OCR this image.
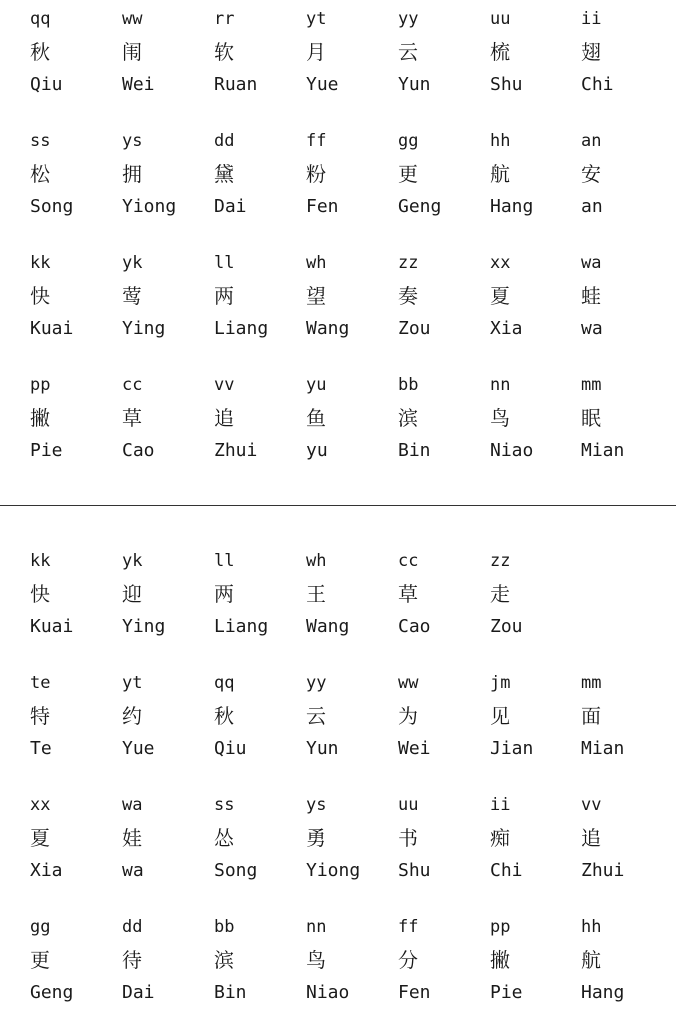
qq
秋
Qiu
ww
闱
Wei
rr
软
Ruan
yt
月
Yue
yy
云
Yun
uu
梳
Shu
ii
翅
Chi
ss
松
Song
ys
拥
Yiong
dd
黛
Dai
ff
粉
Fen
gg
更
Geng
hh
航
Hang
an
安
an
kk
快
Kuai
yk
莺
Ying
ll
两
Liang
wh
望
Wang
zz
奏
Zou
xx
夏
Xia
wa
蛙
wa
pp
撇
Pie
cc
草
Cao
vv
追
Zhui
yu
鱼
yu
bb
滨
Bin
nn
鸟
Niao
mm
眠
Mian
kk
快
Kuai
yk
迎
Ying
ll
两
Liang
wh
王
Wang
cc
草
Cao
zz
走
Zou
te
特
Te
yt
约
Yue
qq
秋
Qiu
yy
云
Yun
ww
为
Wei
jm
见
Jian
mm
面
Mian
xx
夏
Xia
wa
娃
wa
ss
怂
Song
ys
勇
Yiong
uu
书
Shu
ii
痴
Chi
vv
追
Zhui
gg
更
Geng
dd
待
Dai
bb
滨
Bin
nn
鸟
Niao
ff
分
Fen
pp
撇
Pie
hh
航
Hang
